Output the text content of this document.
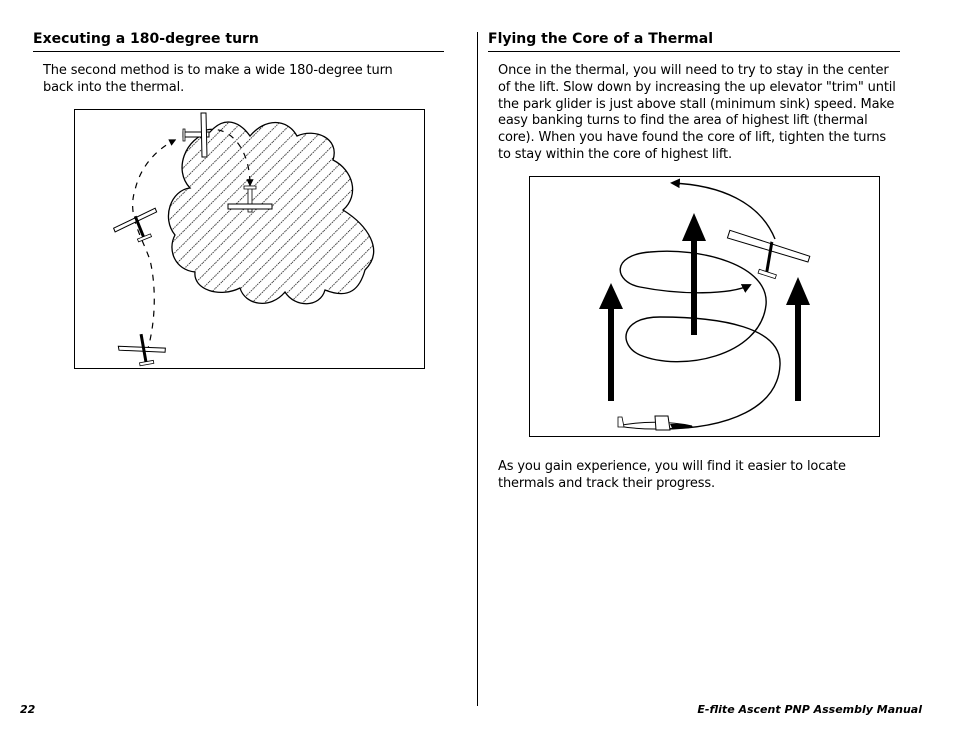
Executing a 180-degree turn

The second method is to make a wide 180-degree turn back into the thermal.

Flying the Core of a Thermal

Once in the thermal, you will need to try to stay in the center of the lift. Slow down by increasing the up elevator "trim" until the park glider is just above stall (minimum sink) speed. Make easy banking turns to find the area of highest lift (thermal core). When you have found the core of lift, tighten the turns to stay within the core of highest lift.

As you gain experience, you will find it easier to locate thermals and track their progress.

22	E-flite Ascent PNP Assembly Manual
